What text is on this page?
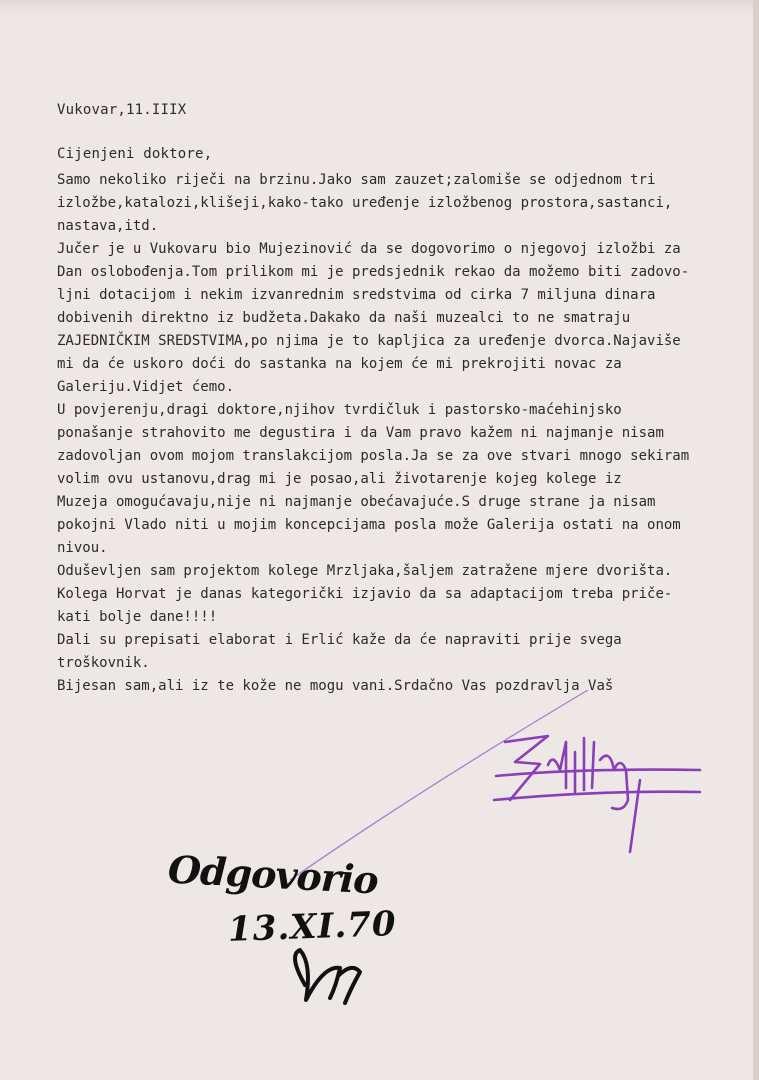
Vukovar,11.IIIX

Cijenjeni doktore,

Samo nekoliko riječi na brzinu.Jako sam zauzet;zalomiše se odjednom tri
izložbe,katalozi,klišeji,kako-tako uređenje izložbenog prostora,sastanci,
nastava,itd.
Jučer je u Vukovaru bio Mujezinović da se dogovorimo o njegovoj izložbi za
Dan oslobođenja.Tom prilikom mi je predsjednik rekao da možemo biti zadovo-
ljni dotacijom i nekim izvanrednim sredstvima od cirka 7 miljuna dinara
dobivenih direktno iz budžeta.Dakako da naši muzealci to ne smatraju
ZAJEDNIČKIM SREDSTVIMA,po njima je to kapljica za uređenje dvorca.Najaviše
mi da će uskoro doći do sastanka na kojem će mi prekrojiti novac za
Galeriju.Vidjet ćemo.
U povjerenju,dragi doktore,njihov tvrdičluk i pastorsko-maćehinjsko
ponašanje strahovito me degustira i da Vam pravo kažem ni najmanje nisam
zadovoljan ovom mojom translakcijom posla.Ja se za ove stvari mnogo sekiram
volim ovu ustanovu,drag mi je posao,ali životarenje kojeg kolege iz
Muzeja omogućavaju,nije ni najmanje obećavajuće.S druge strane ja nisam
pokojni Vlado niti u mojim koncepcijama posla može Galerija ostati na onom
nivou.
Oduševljen sam projektom kolege Mrzljaka,šaljem zatražene mjere dvorišta.
Kolega Horvat je danas kategorički izjavio da sa adaptacijom treba priče-
kati bolje dane!!!!
Dali su prepisati elaborat i Erlić kaže da će napraviti prije svega
troškovnik.
Bijesan sam,ali iz te kože ne mogu vani.Srdačno Vas pozdravlja Vaš
Odgovorio
13.XI.70
